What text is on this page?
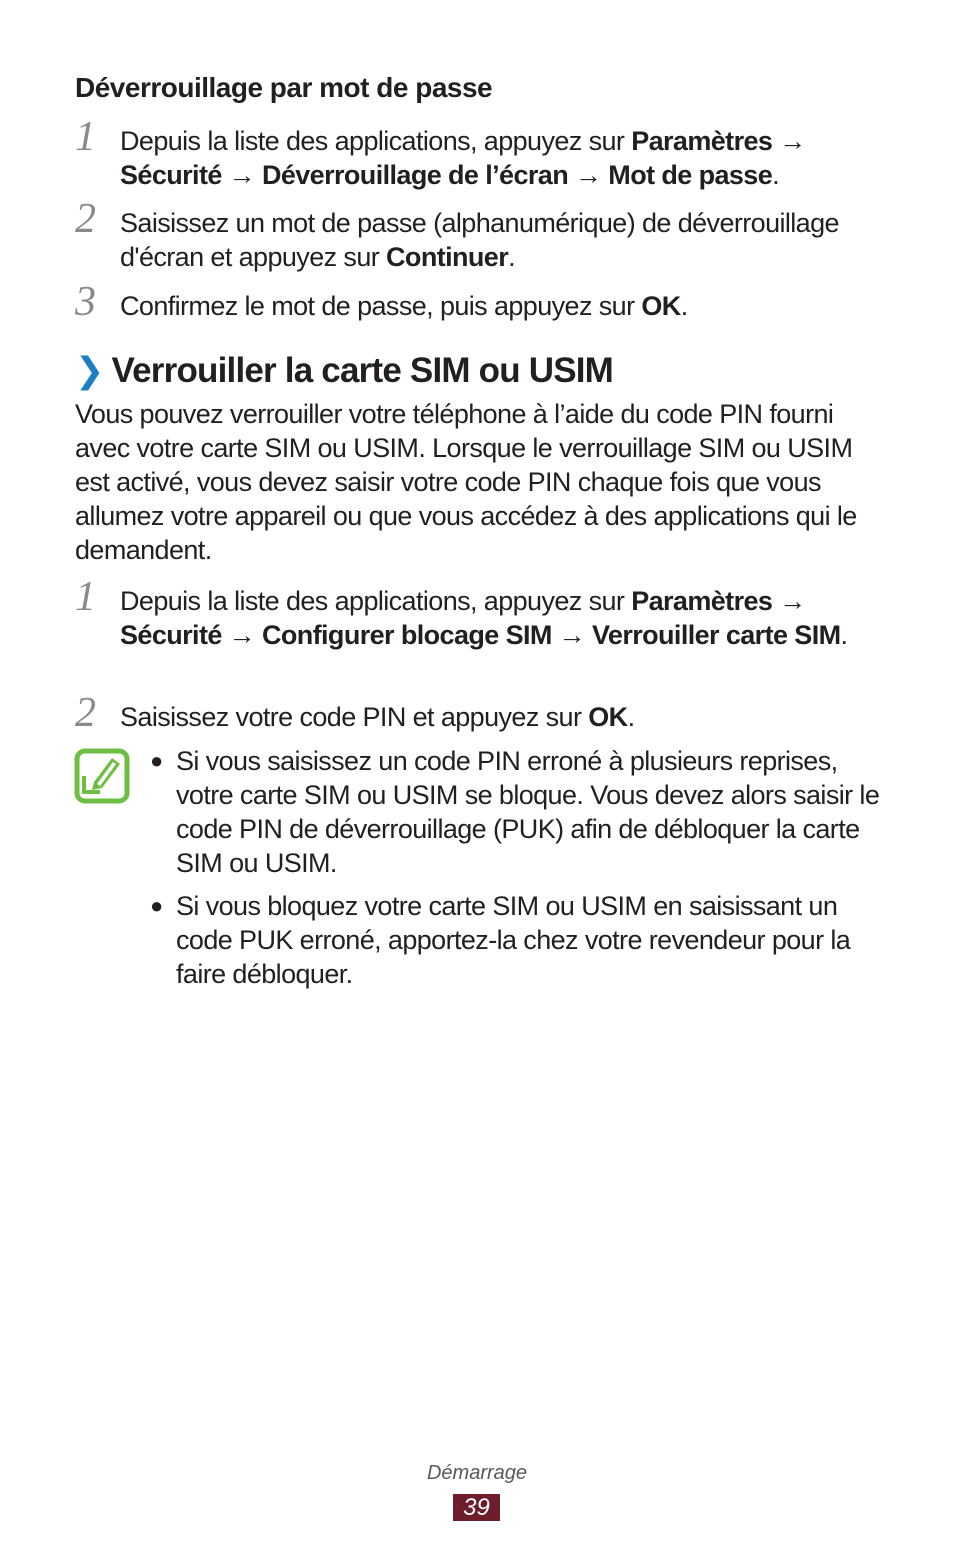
Déverrouillage par mot de passe
1 Depuis la liste des applications, appuyez sur Paramètres → Sécurité → Déverrouillage de l’écran → Mot de passe.
2 Saisissez un mot de passe (alphanumérique) de déverrouillage d'écran et appuyez sur Continuer.
3 Confirmez le mot de passe, puis appuyez sur OK.
❯ Verrouiller la carte SIM ou USIM

Vous pouvez verrouiller votre téléphone à l’aide du code PIN fourni avec votre carte SIM ou USIM. Lorsque le verrouillage SIM ou USIM est activé, vous devez saisir votre code PIN chaque fois que vous allumez votre appareil ou que vous accédez à des applications qui le demandent.

1 Depuis la liste des applications, appuyez sur Paramètres → Sécurité → Configurer blocage SIM → Verrouiller carte SIM.
2 Saisissez votre code PIN et appuyez sur OK.
● Si vous saisissez un code PIN erroné à plusieurs reprises, votre carte SIM ou USIM se bloque. Vous devez alors saisir le code PIN de déverrouillage (PUK) afin de débloquer la carte SIM ou USIM.
● Si vous bloquez votre carte SIM ou USIM en saisissant un code PUK erroné, apportez-la chez votre revendeur pour la faire débloquer.
Démarrage
39
